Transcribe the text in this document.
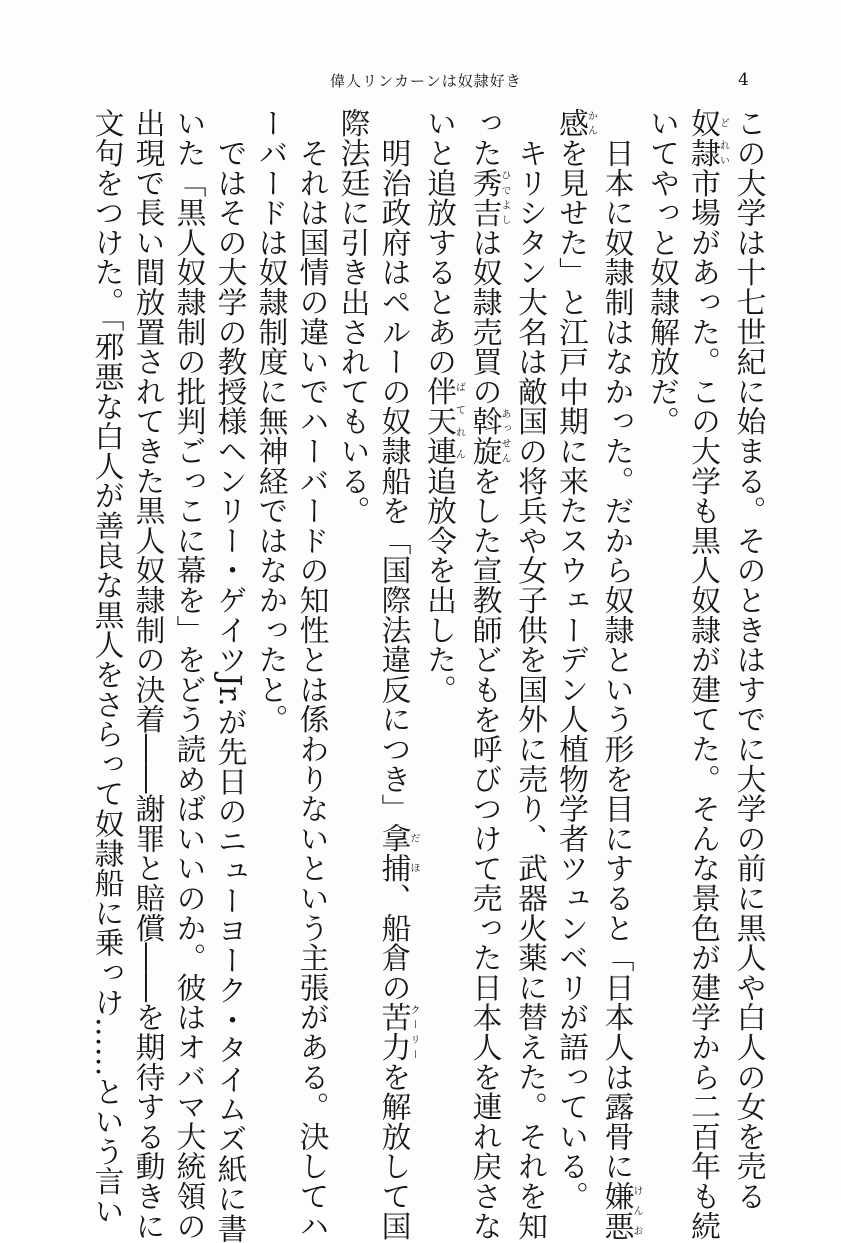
偉人リンカーンは奴隷好き	4
この大学は十七世紀に始まる。そのときはすでに大学の前に黒人や白人の女を売る
奴ど隷れい市場があった。この大学も黒人奴隷が建てた。そんな景色が建学から二百年も続
いてやっと奴隷解放だ。
　日本に奴隷制はなかった。だから奴隷という形を目にすると「日本人は露骨に嫌悪けんお
感かんを見せた」と江戸中期に来たスウェーデン人植物学者ツュンベリが語っている。
　キリシタン大名は敵国の将兵や女子供を国外に売り、武器火薬に替えた。それを知
った秀吉ひでよしは奴隷売買の斡旋あっせんをした宣教師どもを呼びつけて売った日本人を連れ戻さな
いと追放するとあの伴天連ばてれん追放令を出した。
　明治政府はペルーの奴隷船を「国際法違反につき」拿捕だほ、船倉の苦力クーリーを解放して国
際法廷に引き出されてもいる。
　それは国情の違いでハーバードの知性とは係わりないという主張がある。決してハ
ーバードは奴隷制度に無神経ではなかったと。
　ではその大学の教授様ヘンリー・ゲイツJr.が先日のニューヨーク・タイムズ紙に書
いた「黒人奴隷制の批判ごっこに幕を」をどう読めばいいのか。彼はオバマ大統領の
出現で長い間放置されてきた黒人奴隷制の決着――謝罪と賠償――を期待する動きに
文句をつけた。「邪悪な白人が善良な黒人をさらって奴隷船に乗っけ……という言い
